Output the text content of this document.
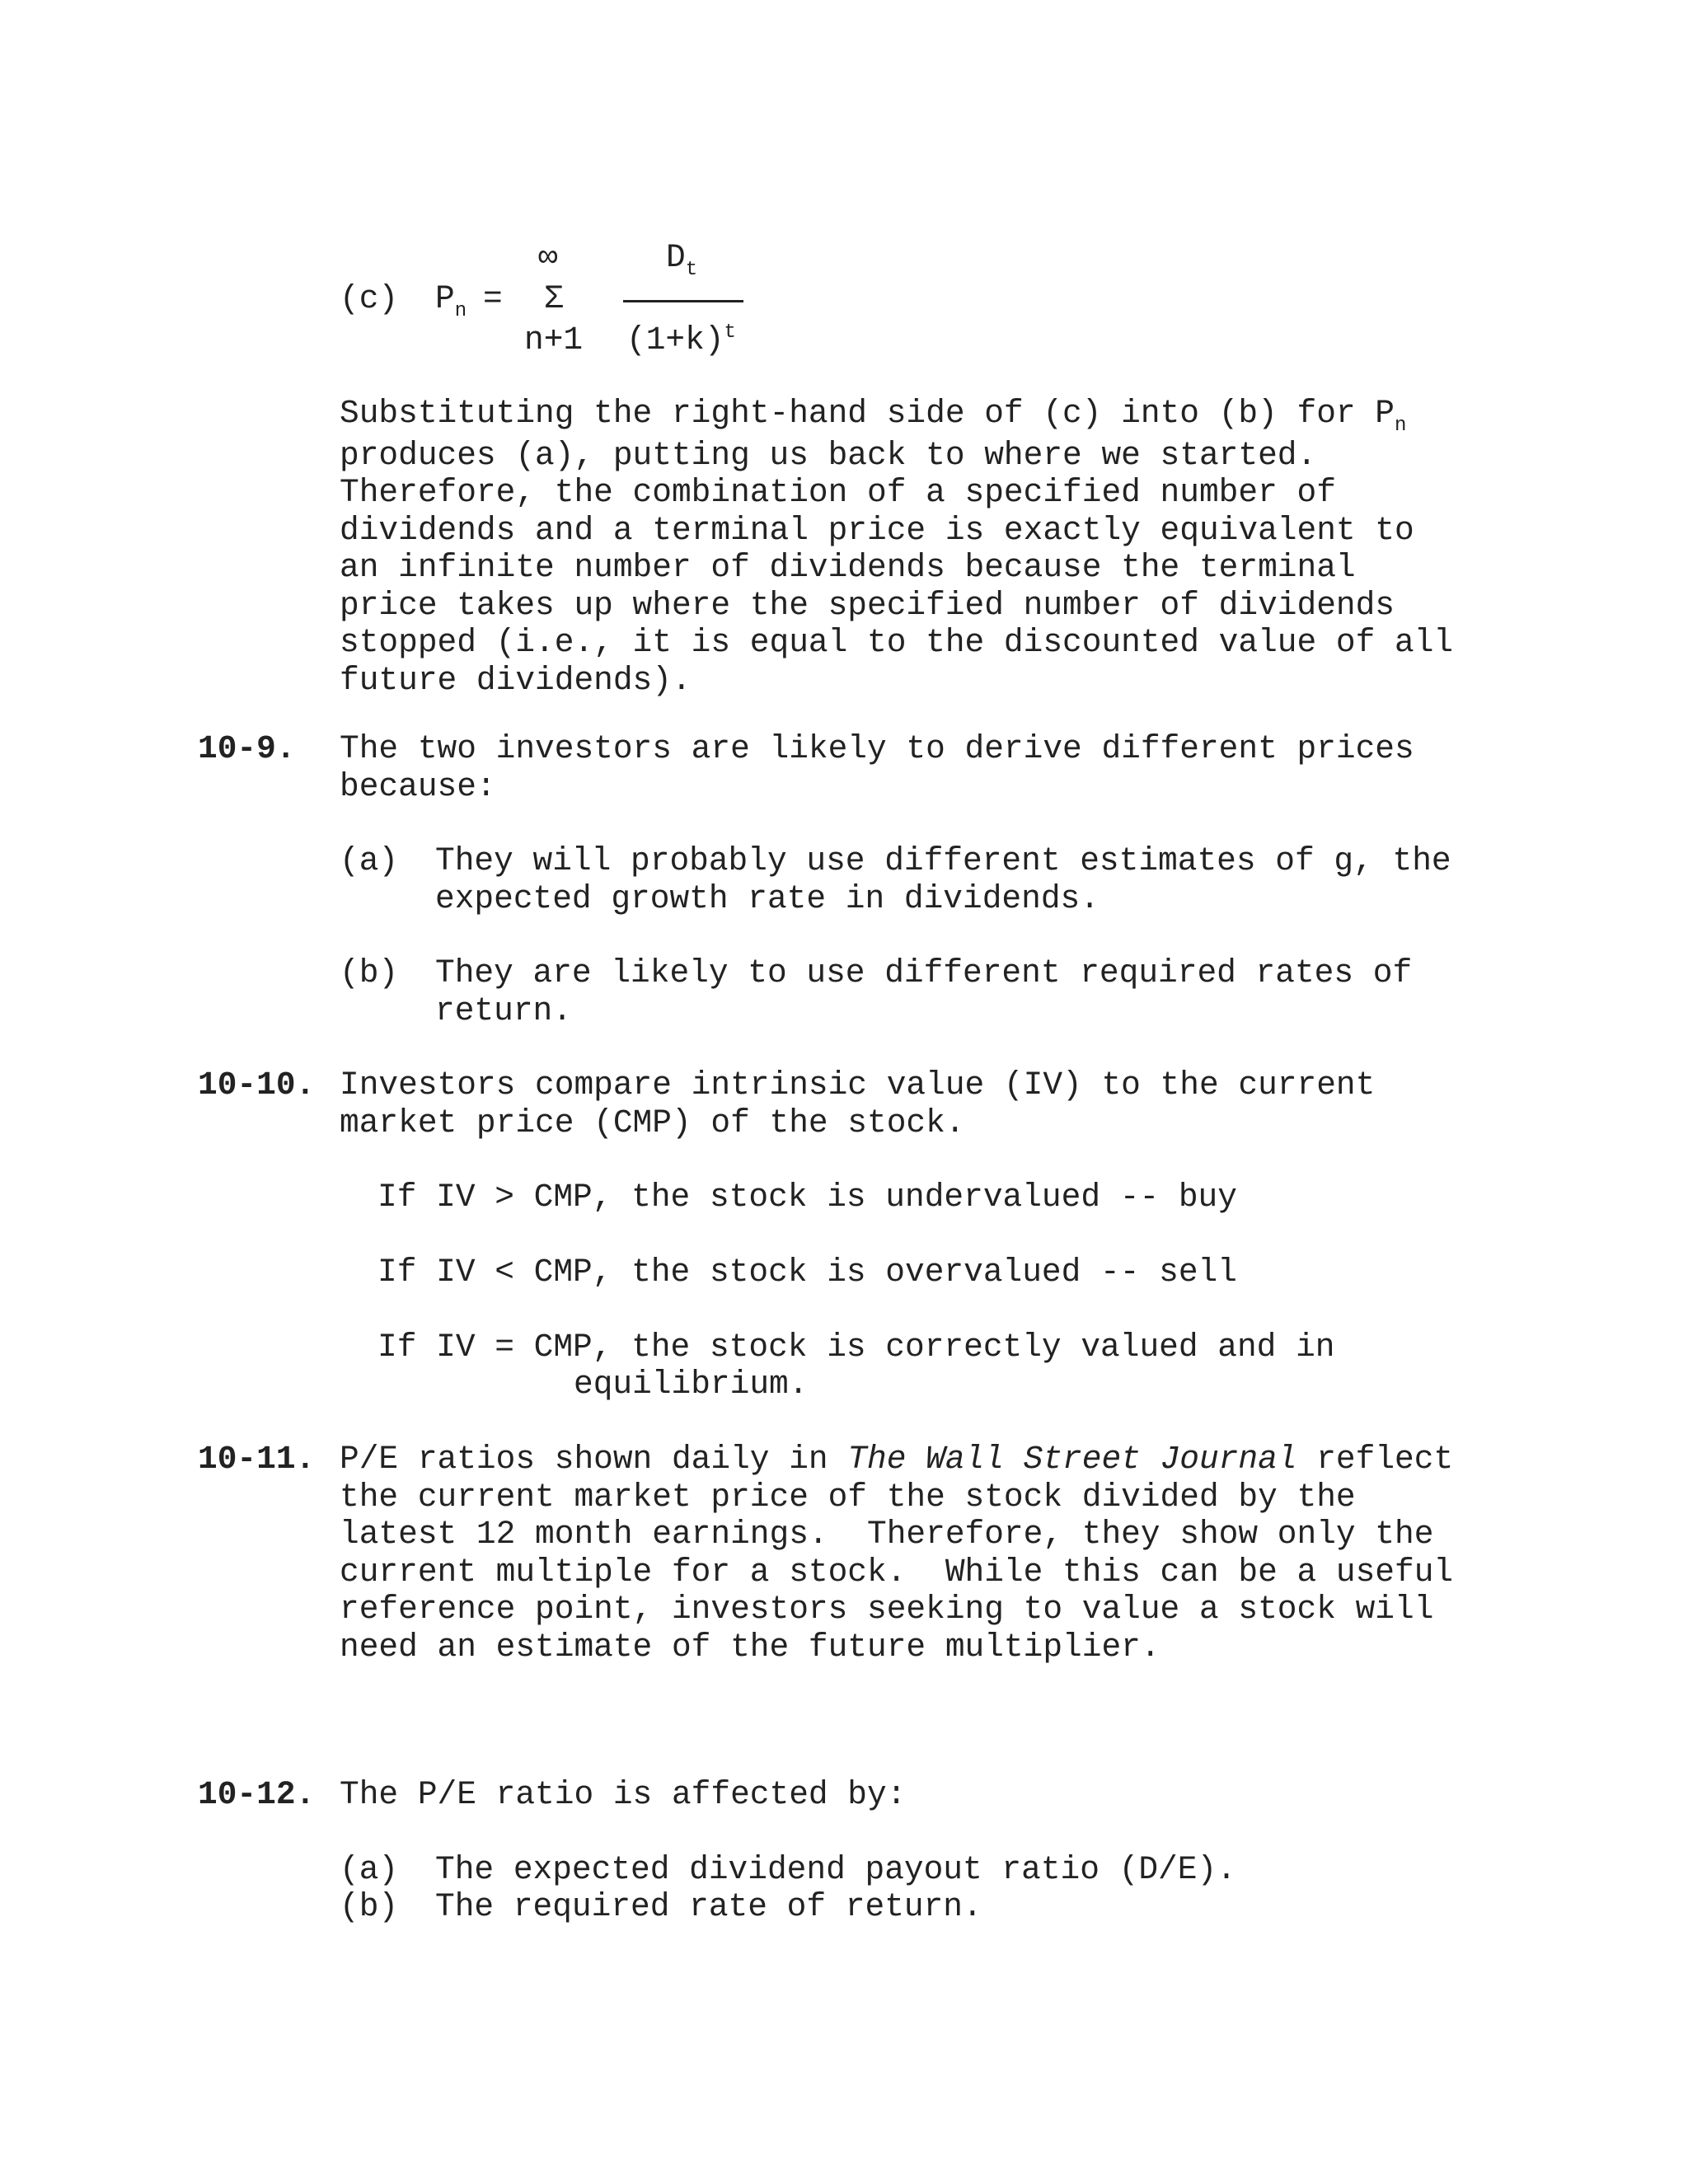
(c) $P_n$ =
∞
Σ
n+1
$D_t$
$(1+k)^t$
Substituting the right-hand side of (c) into (b) for $P_n$
produces (a), putting us back to where we started.
Therefore, the combination of a specified number of
dividends and a terminal price is exactly equivalent to
an infinite number of dividends because the terminal
price takes up where the specified number of dividends
stopped (i.e., it is equal to the discounted value of all
future dividends).
10-9. The two investors are likely to derive different prices
because:
(a) They will probably use different estimates of g, the
expected growth rate in dividends.
(b) They are likely to use different required rates of
return.
10-10. Investors compare intrinsic value (IV) to the current
market price (CMP) of the stock.
If IV > CMP, the stock is undervalued -- buy
If IV < CMP, the stock is overvalued -- sell
If IV = CMP, the stock is correctly valued and in
equilibrium.
10-11. P/E ratios shown daily in The Wall Street Journal reflect
the current market price of the stock divided by the
latest 12 month earnings.  Therefore, they show only the
current multiple for a stock.  While this can be a useful
reference point, investors seeking to value a stock will
need an estimate of the future multiplier.
10-12. The P/E ratio is affected by:
(a) The expected dividend payout ratio (D/E).
(b) The required rate of return.
